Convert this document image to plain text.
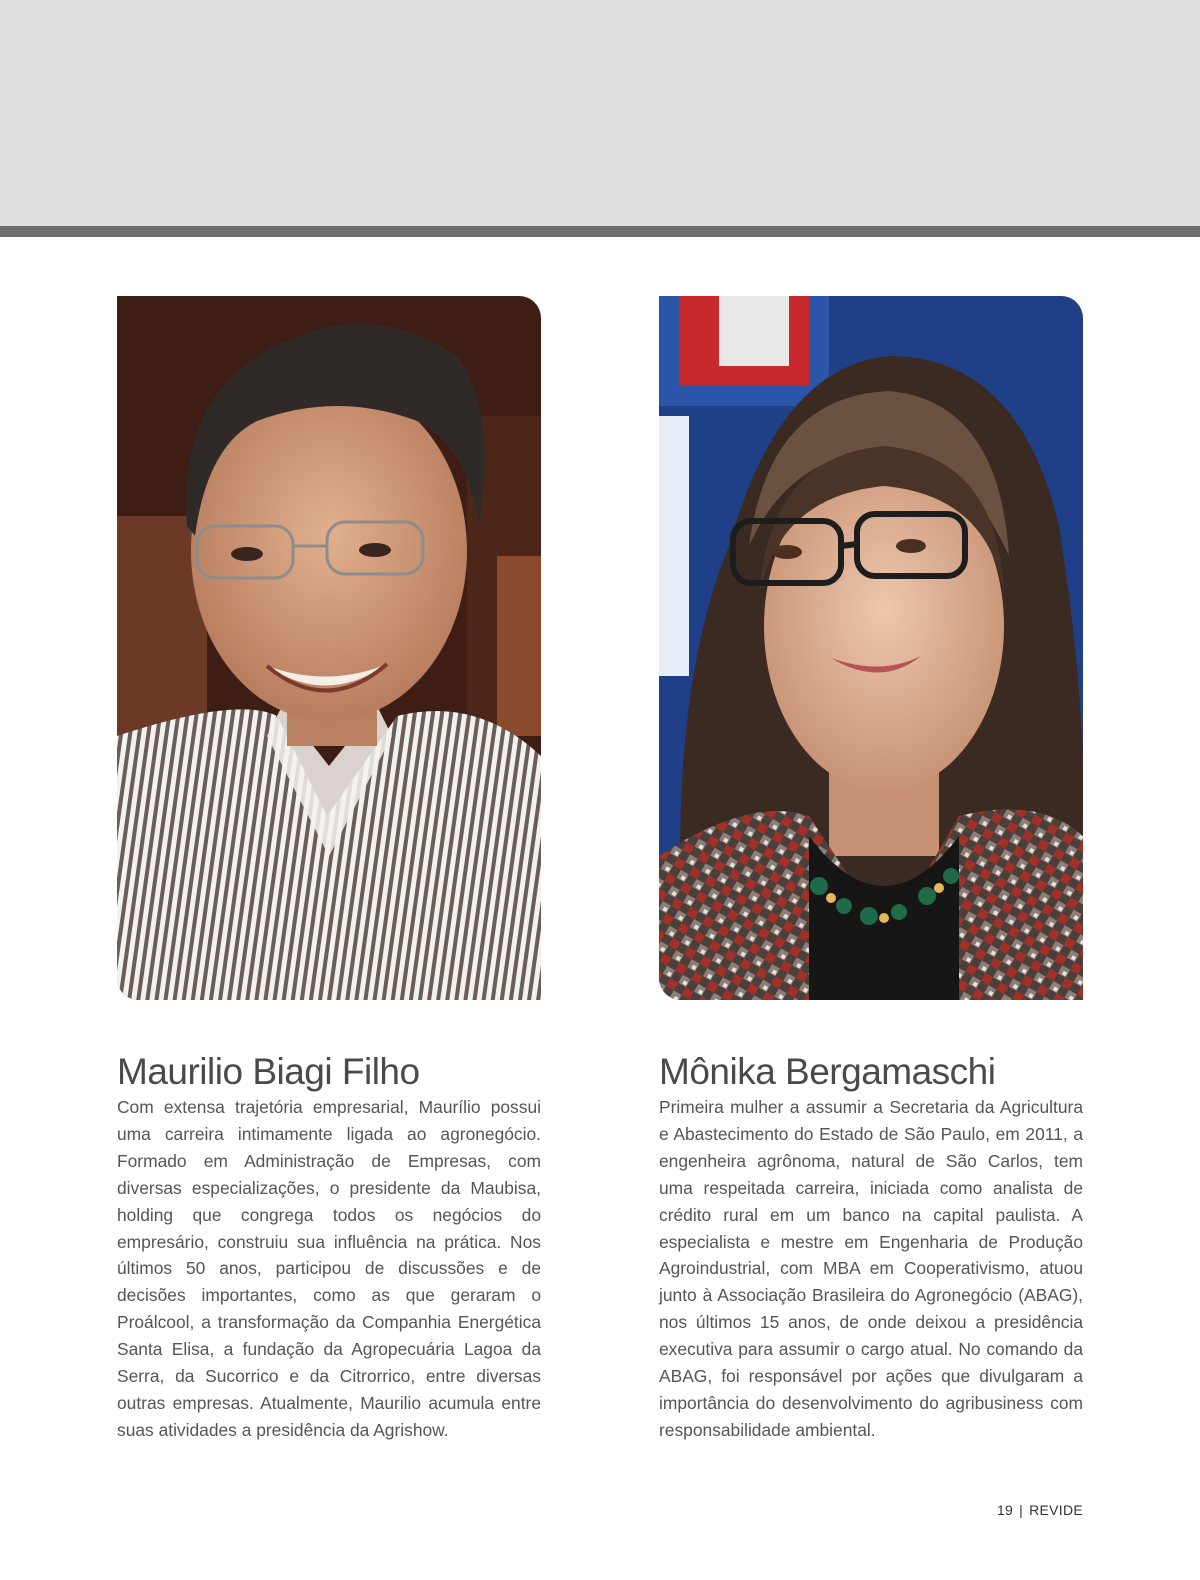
Maurilio Biagi Filho

Com extensa trajetória empresarial, Maurílio possui uma carreira intimamente ligada ao agronegócio. Formado em Administração de Empresas, com diversas especializações, o presidente da Maubisa, holding que congrega todos os negócios do empresário, construiu sua influência na prática. Nos últimos 50 anos, participou de discussões e de decisões importantes, como as que geraram o Proálcool, a transformação da Companhia Energética Santa Elisa, a fundação da Agropecuária Lagoa da Serra, da Sucorrico e da Citrorrico, entre diversas outras empresas. Atualmente, Maurilio acumula entre suas atividades a presidência da Agrishow.

Mônika Bergamaschi

Primeira mulher a assumir a Secretaria da Agricultura e Abastecimento do Estado de São Paulo, em 2011, a engenheira agrônoma, natural de São Carlos, tem uma respeitada carreira, iniciada como analista de crédito rural em um banco na capital paulista. A especialista e mestre em Engenharia de Produção Agroindustrial, com MBA em Cooperativismo, atuou junto à Associação Brasileira do Agronegócio (ABAG), nos últimos 15 anos, de onde deixou a presidência executiva para assumir o cargo atual. No comando da ABAG, foi responsável por ações que divulgaram a importância do desenvolvimento do agribusiness com responsabilidade ambiental.

19 | REVIDE
